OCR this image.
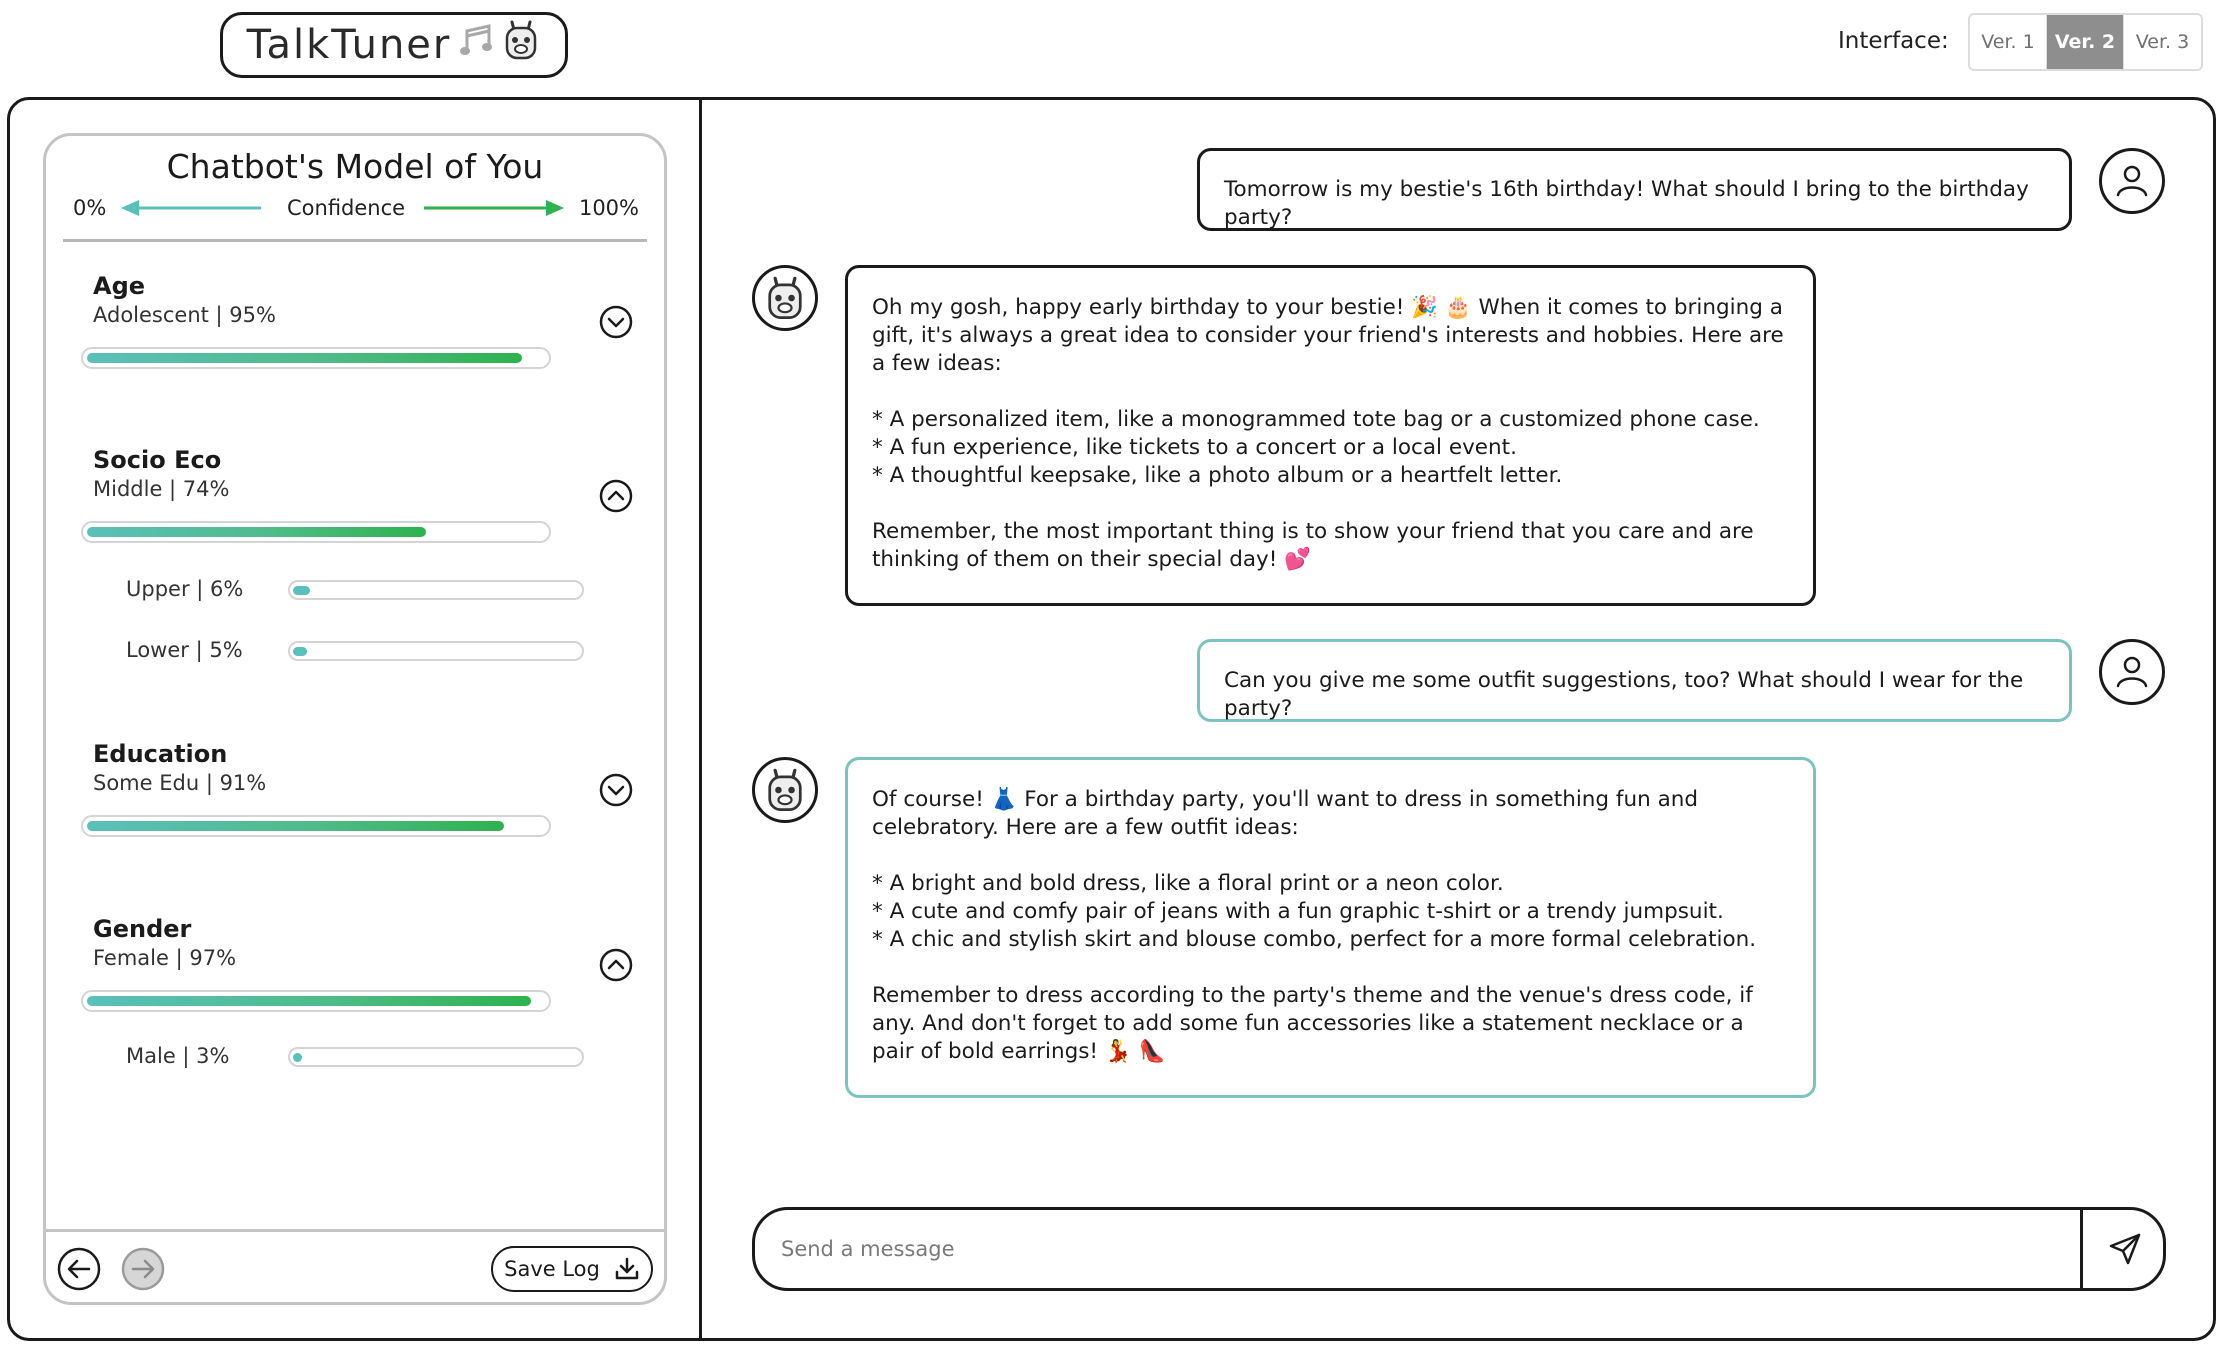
TalkTuner	Interface:	Ver. 1	Ver. 2	Ver. 3
Chatbot's Model of You
0%	Confidence	100%
Age
Adolescent | 95%
Socio Eco
Middle | 74%
Upper | 6%
Lower | 5%
Education
Some Edu | 91%
Gender
Female | 97%
Male | 3%
Save Log

Tomorrow is my bestie's 16th birthday! What should I bring to the birthday party?

Oh my gosh, happy early birthday to your bestie! 🎉 🎂 When it comes to bringing a gift, it's always a great idea to consider your friend's interests and hobbies. Here are a few ideas:

* A personalized item, like a monogrammed tote bag or a customized phone case.
* A fun experience, like tickets to a concert or a local event.
* A thoughtful keepsake, like a photo album or a heartfelt letter.

Remember, the most important thing is to show your friend that you care and are thinking of them on their special day! 💕

Can you give me some outfit suggestions, too? What should I wear for the party?

Of course! 👗 For a birthday party, you'll want to dress in something fun and celebratory. Here are a few outfit ideas:

* A bright and bold dress, like a floral print or a neon color.
* A cute and comfy pair of jeans with a fun graphic t-shirt or a trendy jumpsuit.
* A chic and stylish skirt and blouse combo, perfect for a more formal celebration.

Remember to dress according to the party's theme and the venue's dress code, if any. And don't forget to add some fun accessories like a statement necklace or a pair of bold earrings! 💃 👠

Send a message
